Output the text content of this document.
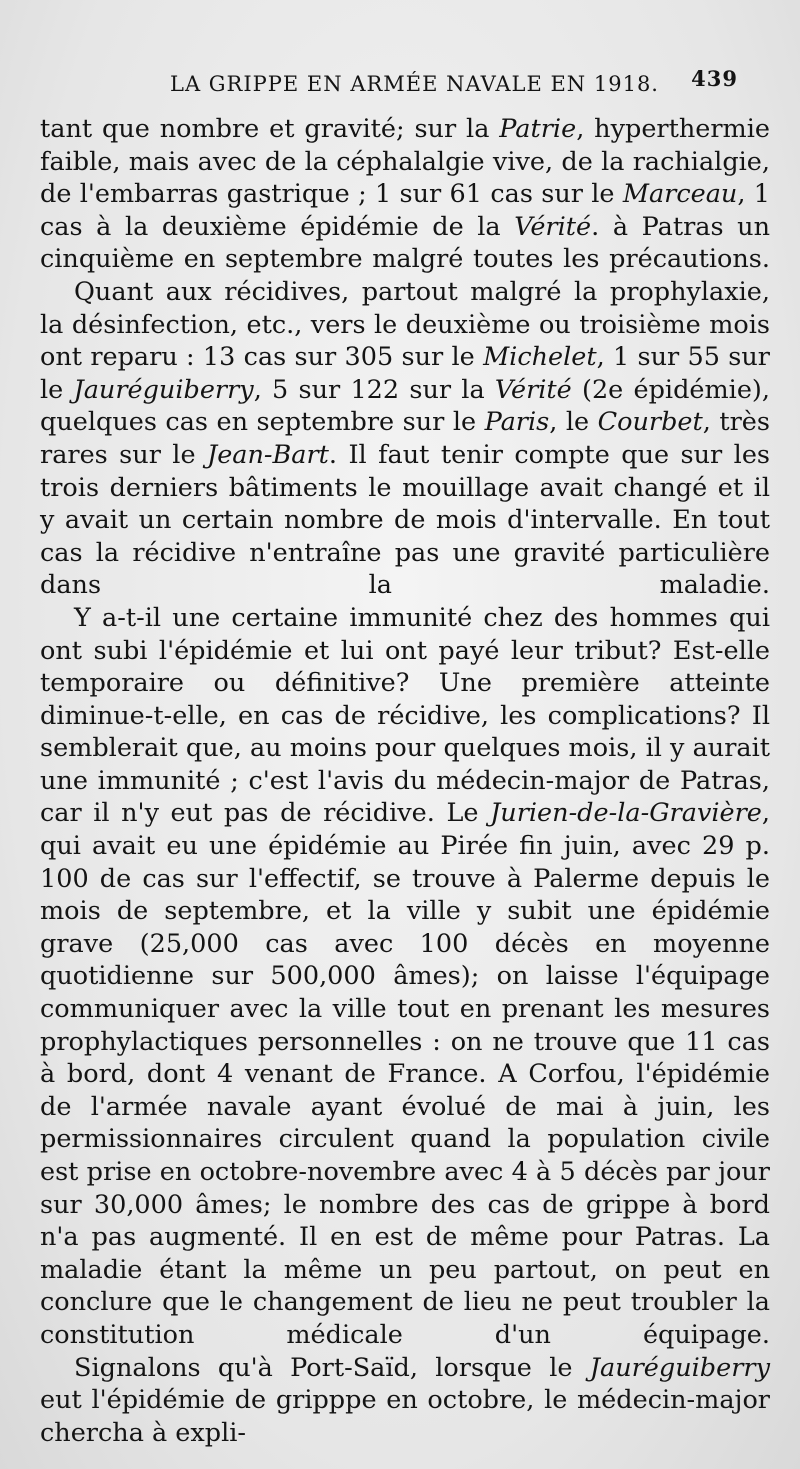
LA GRIPPE EN ARMÉE NAVALE EN 1918. 439

tant que nombre et gravité; sur la Patrie, hyperthermie faible, mais avec de la céphalalgie vive, de la rachialgie, de l'embarras gastrique ; 1 sur 61 cas sur le Marceau, 1 cas à la deuxième épidémie de la Vérité. à Patras un cinquième en septembre malgré toutes les précautions.

Quant aux récidives, partout malgré la prophylaxie, la désinfection, etc., vers le deuxième ou troisième mois ont reparu : 13 cas sur 305 sur le Michelet, 1 sur 55 sur le Jauréguiberry, 5 sur 122 sur la Vérité (2e épidémie), quelques cas en septembre sur le Paris, le Courbet, très rares sur le Jean-Bart. Il faut tenir compte que sur les trois derniers bâtiments le mouillage avait changé et il y avait un certain nombre de mois d'intervalle. En tout cas la récidive n'entraîne pas une gravité particulière dans la maladie.

Y a-t-il une certaine immunité chez des hommes qui ont subi l'épidémie et lui ont payé leur tribut? Est-elle temporaire ou définitive? Une première atteinte diminue-t-elle, en cas de récidive, les complications? Il semblerait que, au moins pour quelques mois, il y aurait une immunité ; c'est l'avis du médecin-major de Patras, car il n'y eut pas de récidive. Le Jurien-de-la-Gravière, qui avait eu une épidémie au Pirée fin juin, avec 29 p. 100 de cas sur l'effectif, se trouve à Palerme depuis le mois de septembre, et la ville y subit une épidémie grave (25,000 cas avec 100 décès en moyenne quotidienne sur 500,000 âmes); on laisse l'équipage communiquer avec la ville tout en prenant les mesures prophylactiques personnelles : on ne trouve que 11 cas à bord, dont 4 venant de France. A Corfou, l'épidémie de l'armée navale ayant évolué de mai à juin, les permissionnaires circulent quand la population civile est prise en octobre-novembre avec 4 à 5 décès par jour sur 30,000 âmes; le nombre des cas de grippe à bord n'a pas augmenté. Il en est de même pour Patras. La maladie étant la même un peu partout, on peut en conclure que le changement de lieu ne peut troubler la constitution médicale d'un équipage.

Signalons qu'à Port-Saïd, lorsque le Jauréguiberry eut l'épidémie de gripppe en octobre, le médecin-major chercha à expli-
